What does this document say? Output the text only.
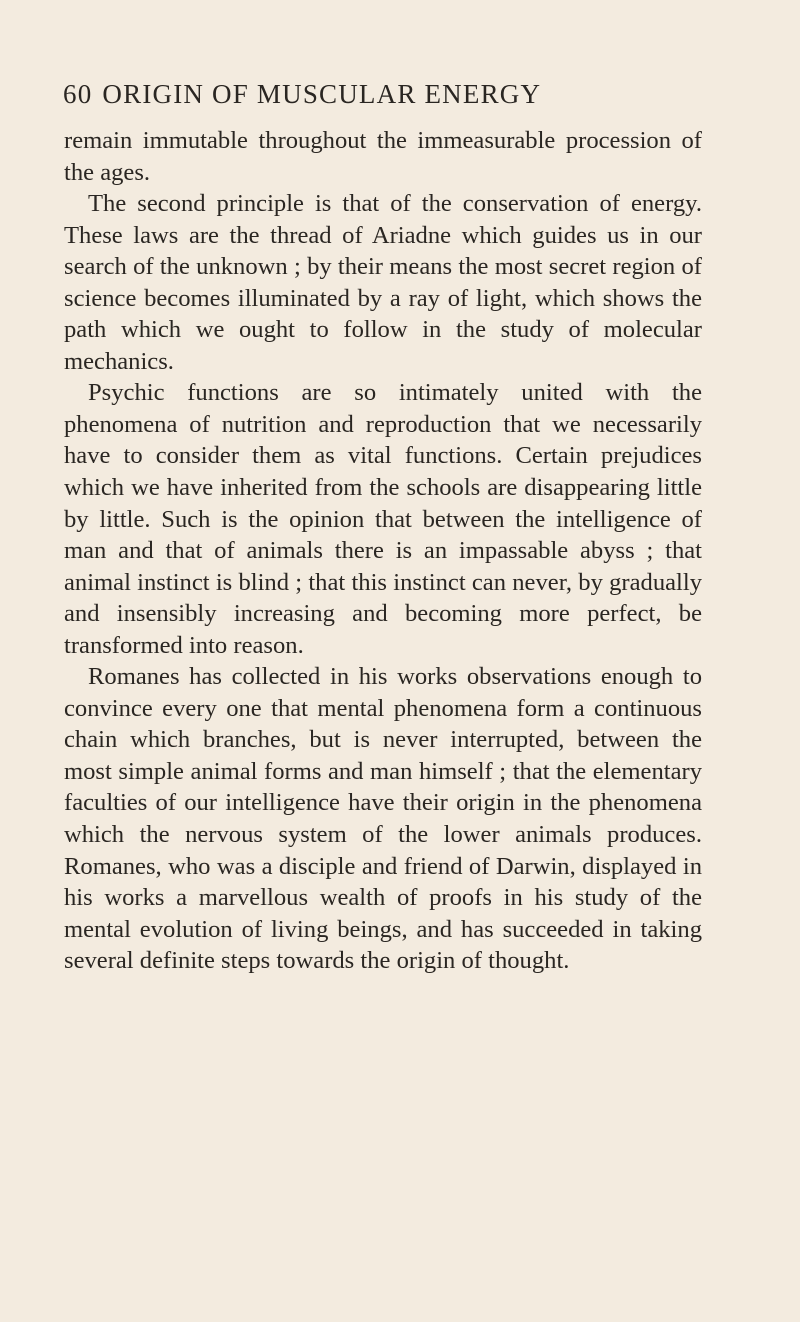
60 ORIGIN OF MUSCULAR ENERGY

remain immutable throughout the immeasurable procession of the ages.

The second principle is that of the conservation of energy. These laws are the thread of Ariadne which guides us in our search of the unknown ; by their means the most secret region of science becomes illuminated by a ray of light, which shows the path which we ought to follow in the study of molecular mechanics.

Psychic functions are so intimately united with the phenomena of nutrition and reproduction that we necessarily have to consider them as vital functions. Certain prejudices which we have inherited from the schools are disappearing little by little. Such is the opinion that between the intelligence of man and that of animals there is an impassable abyss ; that animal instinct is blind ; that this instinct can never, by gradually and insensibly increasing and becoming more perfect, be transformed into reason.

Romanes has collected in his works observations enough to convince every one that mental phenomena form a continuous chain which branches, but is never interrupted, between the most simple animal forms and man himself ; that the elementary faculties of our intelligence have their origin in the phenomena which the nervous system of the lower animals produces. Romanes, who was a disciple and friend of Darwin, displayed in his works a marvellous wealth of proofs in his study of the mental evolution of living beings, and has succeeded in taking several definite steps towards the origin of thought.
